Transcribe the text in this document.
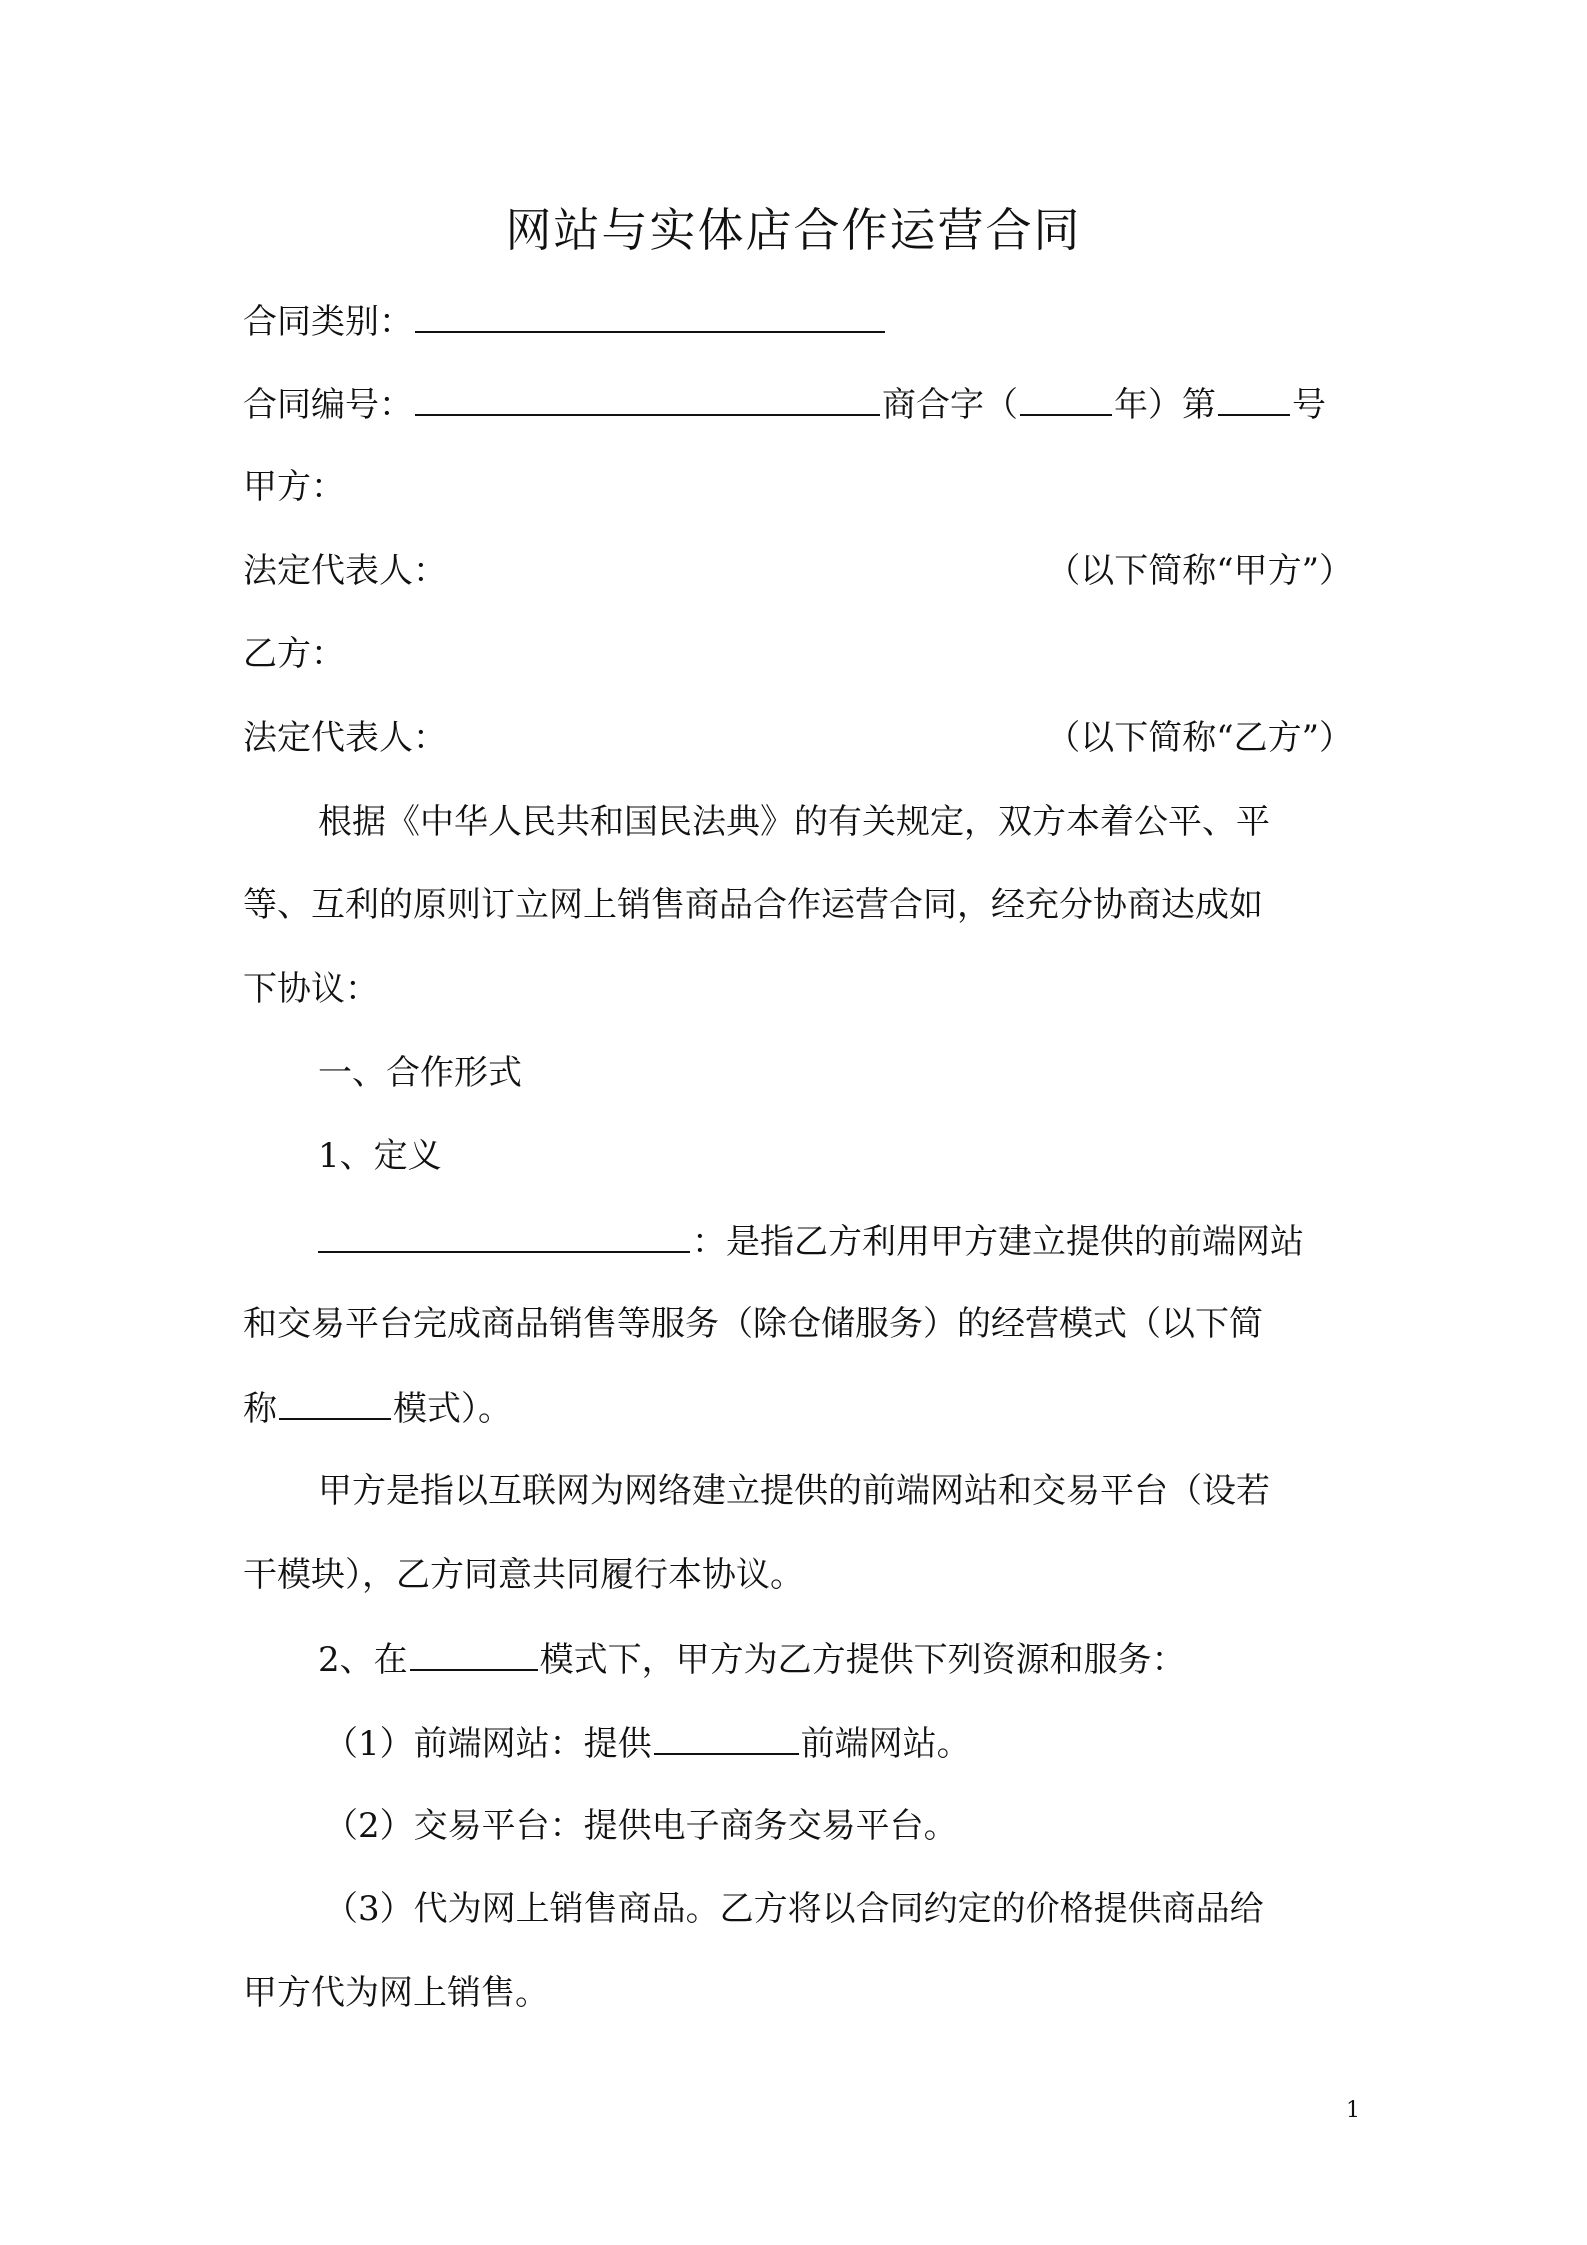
网站与实体店合作运营合同
合同类别：
合同编号：	商合字（	年）第 号
甲方：
法定代表人：	（以下简称“甲方”）
乙方：
法定代表人：	（以下简称“乙方”）
根据《中华人民共和国民法典》的有关规定，双方本着公平、平
等、互利的原则订立网上销售商品合作运营合同，经充分协商达成如
下协议：
一、合作形式
1、定义
：是指乙方利用甲方建立提供的前端网站
和交易平台完成商品销售等服务（除仓储服务）的经营模式（以下简
称	模式）。
甲方是指以互联网为网络建立提供的前端网站和交易平台（设若
干模块），乙方同意共同履行本协议。
2、在	模式下，甲方为乙方提供下列资源和服务：
（1）前端网站：提供	前端网站。
（2）交易平台：提供电子商务交易平台。
（3）代为网上销售商品。乙方将以合同约定的价格提供商品给
甲方代为网上销售。
1
